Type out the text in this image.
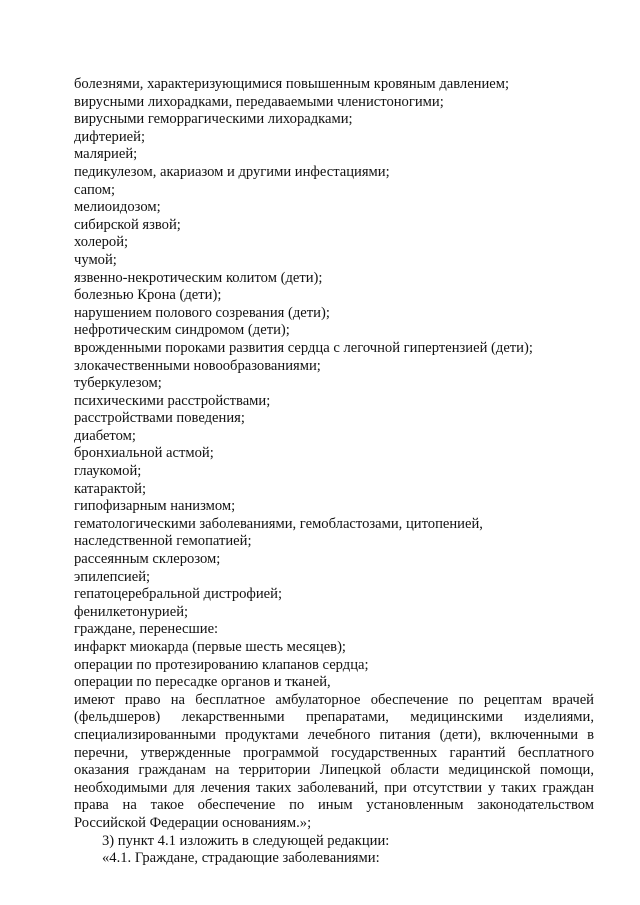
болезнями, характеризующимися повышенным кровяным давлением;
вирусными лихорадками, передаваемыми членистоногими;
вирусными геморрагическими лихорадками;
дифтерией;
малярией;
педикулезом, акариазом и другими инфестациями;
сапом;
мелиоидозом;
сибирской язвой;
холерой;
чумой;
язвенно-некротическим колитом (дети);
болезнью Крона (дети);
нарушением полового созревания (дети);
нефротическим синдромом (дети);
врожденными пороками развития сердца с легочной гипертензией (дети);
злокачественными новообразованиями;
туберкулезом;
психическими расстройствами;
расстройствами поведения;
диабетом;
бронхиальной астмой;
глаукомой;
катарактой;
гипофизарным нанизмом;
гематологическими заболеваниями, гемобластозами, цитопенией,
наследственной гемопатией;
рассеянным склерозом;
эпилепсией;
гепатоцеребральной дистрофией;
фенилкетонурией;
граждане, перенесшие:
инфаркт миокарда (первые шесть месяцев);
операции по протезированию клапанов сердца;
операции по пересадке органов и тканей,

имеют право на бесплатное амбулаторное обеспечение по рецептам врачей (фельдшеров) лекарственными препаратами, медицинскими изделиями, специализированными продуктами лечебного питания (дети), включенными в перечни, утвержденные программой государственных гарантий бесплатного оказания гражданам на территории Липецкой области медицинской помощи, необходимыми для лечения таких заболеваний, при отсутствии у таких граждан права на такое обеспечение по иным установленным законодательством Российской Федерации основаниям.»;

3) пункт 4.1 изложить в следующей редакции:
«4.1. Граждане, страдающие заболеваниями:
